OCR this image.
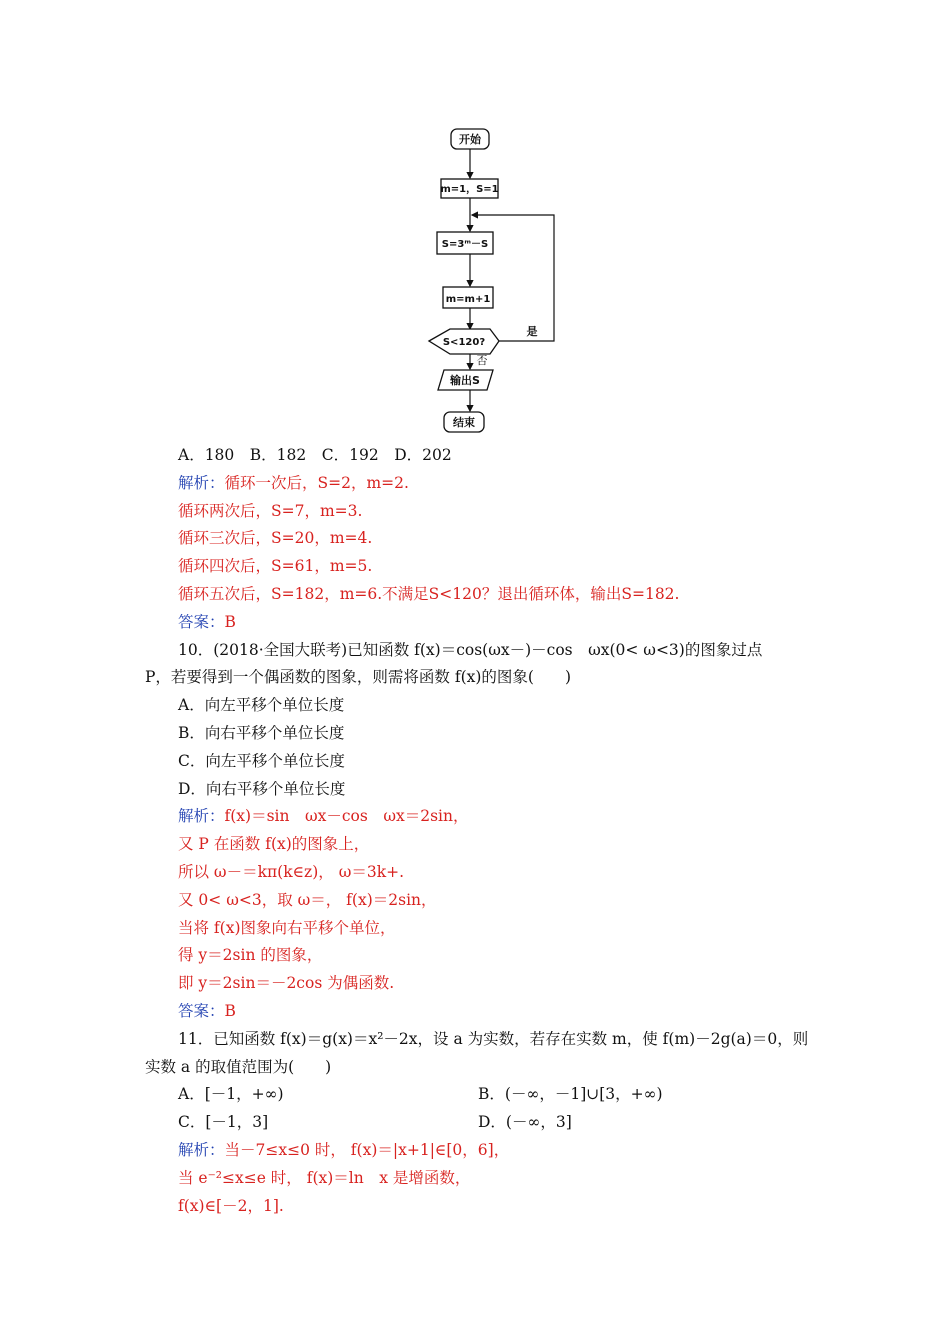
开始
m=1，S=1
S=3ᵐ－S
m=m+1
S<120?
是
否
输出S
结束
A．180　B．182　C．192　D．202
解析：循环一次后，S=2，m=2.
循环两次后，S=7，m=3.
循环三次后，S=20，m=4.
循环四次后，S=61，m=5.
循环五次后，S=182，m=6.不满足S<120？退出循环体，输出S=182.
答案：B
10．(2018·全国大联考)已知函数 f(x)＝cos(ωx－)－cos　ωx(0< ω<3)的图象过点
P，若要得到一个偶函数的图象，则需将函数 f(x)的图象(　　)
A．向左平移个单位长度
B．向右平移个单位长度
C．向左平移个单位长度
D．向右平移个单位长度
解析：f(x)＝sin　ωx－cos　ωx＝2sin，
又 P 在函数 f(x)的图象上，
所以 ω－＝kπ(k∈z)， ω＝3k+.
又 0< ω<3，取 ω＝， f(x)＝2sin，
当将 f(x)图象向右平移个单位，
得 y＝2sin 的图象，
即 y＝2sin＝－2cos 为偶函数.
答案：B
11．已知函数 f(x)＝g(x)＝x²－2x，设 a 为实数，若存在实数 m，使 f(m)－2g(a)＝0，则
实数 a 的取值范围为(　　)
A．[－1，+∞)	B．(－∞，－1]∪[3，+∞)
C．[－1，3]	D．(－∞，3]
解析：当－7≤x≤0 时， f(x)＝|x+1|∈[0，6]，
当 e⁻²≤x≤e 时， f(x)＝ln　x 是增函数，
f(x)∈[－2，1].
